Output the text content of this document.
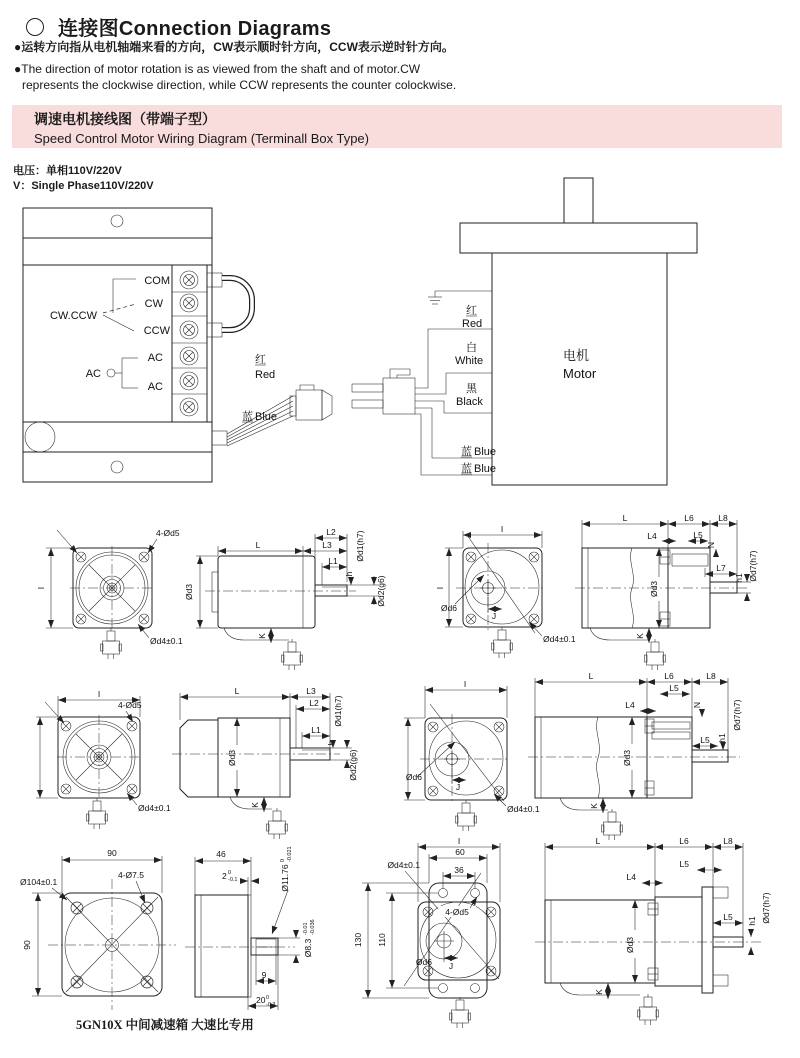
连接图Connection Diagrams
●运转方向指从电机轴端来看的方向，CW表示顺时针方向，CCW表示逆时针方向。
●The direction of motor rotation is as viewed from the shaft and of motor.CW
represents the clockwise direction, while CCW represents the counter colockwise.
调速电机接线图（带端子型）
Speed Control Motor Wiring Diagram (Terminall Box Type)
电压：单相110V/220V
V：Single Phase110V/220V
COM
CW
CCW
AC
AC
CW.CCW
AC
红
Red
蓝 Blue
红
Red
白
White
黑
Black
蓝 Blue
蓝 Blue
电机
Motor
I
4-Ød5
Ød4±0.1
L2
L	L3
L1
h
Ød1(h7)
Ød2(g6)
Ød3
K
I
I
Ød6
J
Ød4±0.1
L	L6	L8
L4	L5
N
L7
h1 Ød7(h7)
Ød3
K
I
4-Ød5
Ød4±0.1
L	L3
L2
L1
h
Ød1(h7)
Ød2(g6)
Ød3
K
I
Ød6
J
Ød4±0.1
L	L6	L8
L5
L4	N
L5 h1
Ød7(h7)
Ød3
K
90
4-Ø7.5
Ø104±0.1
90
46
2 0
-0.1	Ø11.76
0 -0.021
Ø8.3
-0.01 -0.036
9
20 0
-0.3
I
60
36
Ød4±0.1
4-Ød5
Ød6 J
130 110
L	L6	L8
L5
L4
L5 h1 Ød7(h7)
Ød3
K
5GN10X 中间减速箱 大速比专用
